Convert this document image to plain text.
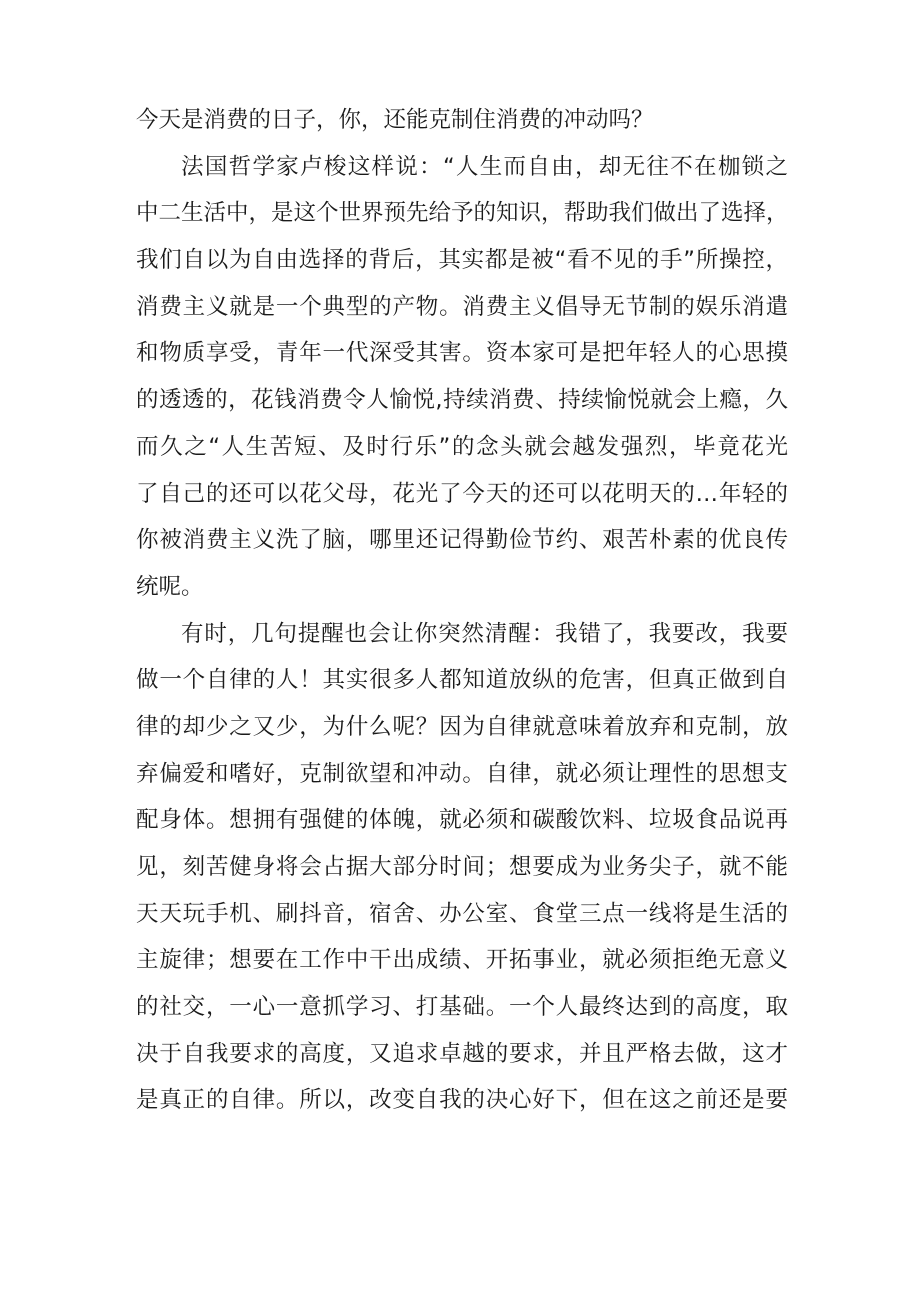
今天是消费的日子，你，还能克制住消费的冲动吗？
法国哲学家卢梭这样说：“人生而自由，却无往不在枷锁之
中二生活中，是这个世界预先给予的知识，帮助我们做出了选择，
我们自以为自由选择的背后，其实都是被“看不见的手”所操控，
消费主义就是一个典型的产物。消费主义倡导无节制的娱乐消遣
和物质享受，青年一代深受其害。资本家可是把年轻人的心思摸
的透透的，花钱消费令人愉悦,持续消费、持续愉悦就会上瘾，久
而久之“人生苦短、及时行乐”的念头就会越发强烈，毕竟花光
了自己的还可以花父母，花光了今天的还可以花明天的…年轻的
你被消费主义洗了脑，哪里还记得勤俭节约、艰苦朴素的优良传
统呢。
有时，几句提醒也会让你突然清醒：我错了，我要改，我要
做一个自律的人！其实很多人都知道放纵的危害，但真正做到自
律的却少之又少，为什么呢？因为自律就意味着放弃和克制，放
弃偏爱和嗜好，克制欲望和冲动。自律，就必须让理性的思想支
配身体。想拥有强健的体魄，就必须和碳酸饮料、垃圾食品说再
见，刻苦健身将会占据大部分时间；想要成为业务尖子，就不能
天天玩手机、刷抖音，宿舍、办公室、食堂三点一线将是生活的
主旋律；想要在工作中干出成绩、开拓事业，就必须拒绝无意义
的社交，一心一意抓学习、打基础。一个人最终达到的高度，取
决于自我要求的高度，又追求卓越的要求，并且严格去做，这才
是真正的自律。所以，改变自我的决心好下，但在这之前还是要
